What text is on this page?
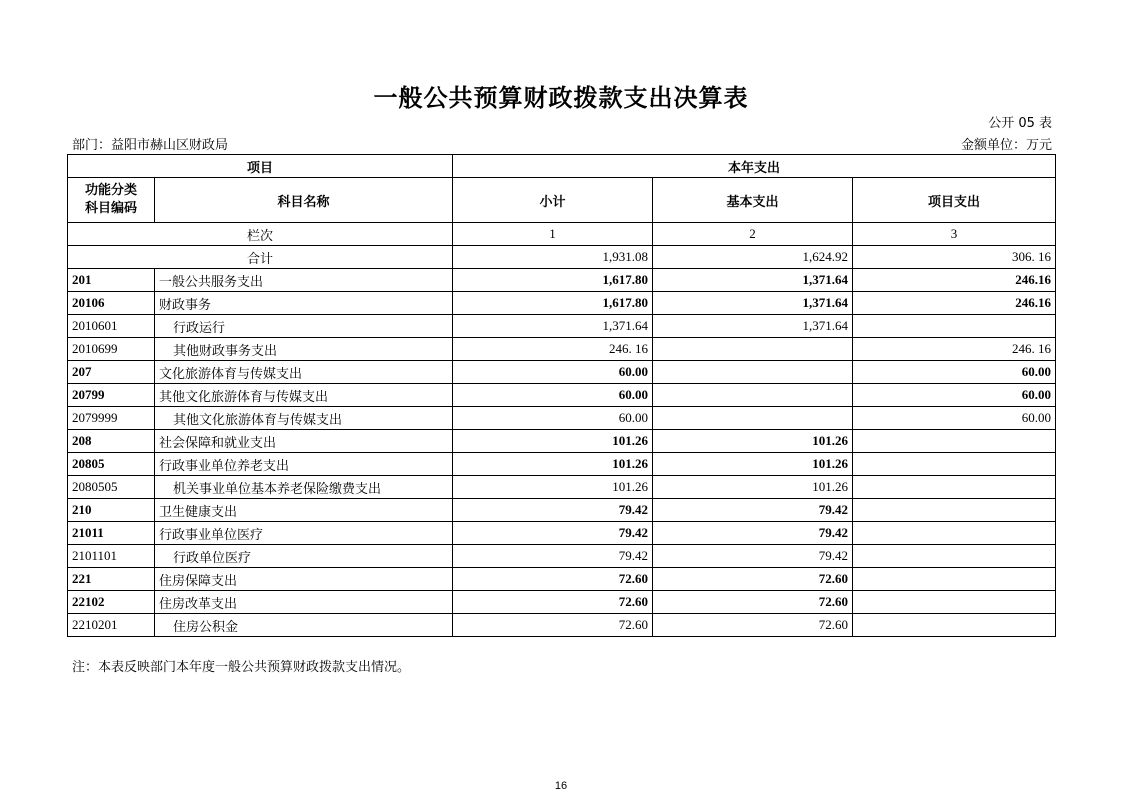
一般公共预算财政拨款支出决算表
公开 05 表
金额单位：万元
部门：益阳市赫山区财政局
项目		本年支出		
功能分类
科目编码	科目名称	小计	基本支出	项目支出
栏次		1	2	3
合计		1,931.08	1,624.92	306. 16
201	一般公共服务支出	1,617.80	1,371.64	246.16
20106	财政事务	1,617.80	1,371.64	246.16
2010601	行政运行	1,371.64	1,371.64	
2010699	其他财政事务支出	246. 16		246. 16
207	文化旅游体育与传媒支出	60.00		60.00
20799	其他文化旅游体育与传媒支出	60.00		60.00
2079999	其他文化旅游体育与传媒支出	60.00		60.00
208	社会保障和就业支出	101.26	101.26	
20805	行政事业单位养老支出	101.26	101.26	
2080505	机关事业单位基本养老保险缴费支出	101.26	101.26	
210	卫生健康支出	79.42	79.42	
21011	行政事业单位医疗	79.42	79.42	
2101101	行政单位医疗	79.42	79.42	
221	住房保障支出	72.60	72.60	
22102	住房改革支出	72.60	72.60	
2210201	住房公积金	72.60	72.60	
注：本表反映部门本年度一般公共预算财政拨款支出情况。
16
